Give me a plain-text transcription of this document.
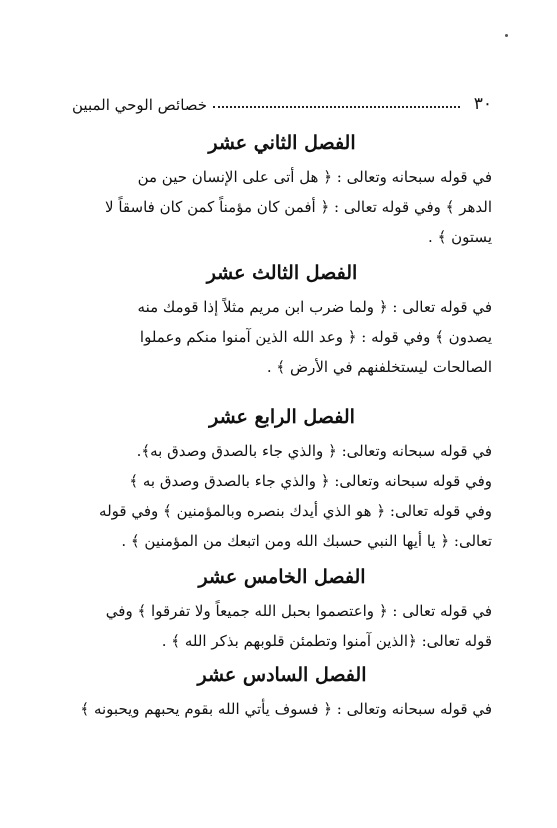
٣٠
خصائص الوحي المبين
الفصل الثاني عشر

في قوله سبحانه وتعالى : ﴿ هل أتى على الإنسان حين من

الدهر ﴾ وفي قوله تعالى : ﴿ أفمن كان مؤمناً كمن كان فاسقاً لا

يستون ﴾ .

الفصل الثالث عشر

في قوله تعالى : ﴿ ولما ضرب ابن مريم مثلاً إذا قومك منه

يصدون ﴾ وفي قوله : ﴿ وعد الله الذين آمنوا منكم وعملوا

الصالحات ليستخلفنهم في الأرض ﴾ .

الفصل الرابع عشر

في قوله سبحانه وتعالى: ﴿ والذي جاء بالصدق وصدق به﴾.

وفي قوله سبحانه وتعالى: ﴿ والذي جاء بالصدق وصدق به ﴾

وفي قوله تعالى: ﴿ هو الذي أيدك بنصره وبالمؤمنين ﴾ وفي قوله

تعالى: ﴿ يا أيها النبي حسبك الله ومن اتبعك من المؤمنين ﴾ .

الفصل الخامس عشر

في قوله تعالى : ﴿ واعتصموا بحبل الله جميعاً ولا تفرقوا ﴾ وفي

قوله تعالى: ﴿الذين آمنوا وتطمئن قلوبهم بذكر الله ﴾ .

الفصل السادس عشر

في قوله سبحانه وتعالى : ﴿ فسوف يأتي الله بقوم يحبهم ويحبونه ﴾
